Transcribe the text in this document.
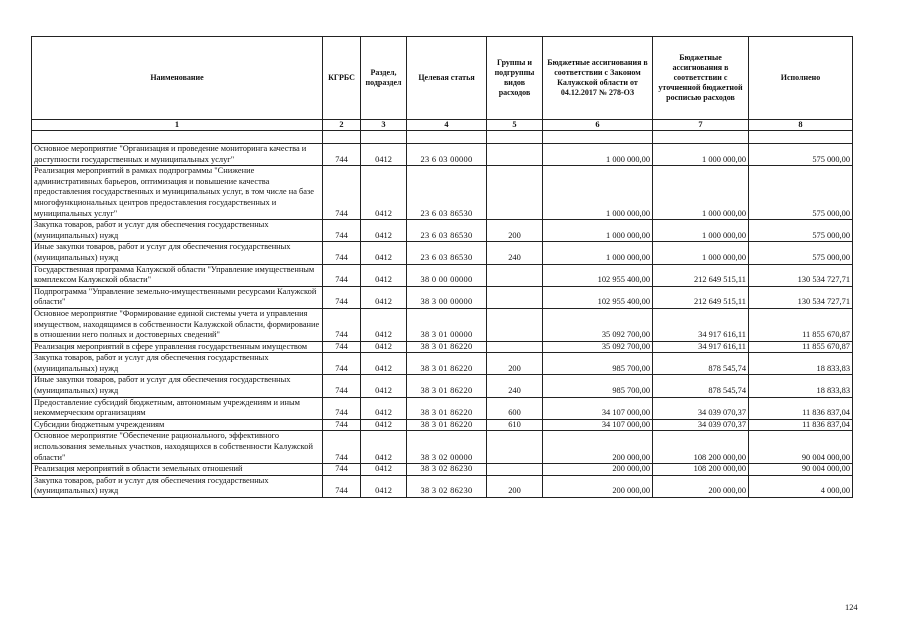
Наименование	КГРБС	Раздел, подраздел	Целевая статья	Группы и подгруппы видов расходов	Бюджетные ассигнования в соответствии с Законом Калужской области от 04.12.2017 № 278-ОЗ	Бюджетные ассигнования в соответствии с уточненной бюджетной росписью расходов	Исполнено
1	2	3	4	5	6	7	8

Основное мероприятие "Организация и проведение мониторинга качества и доступности государственных и муниципальных услуг"	744	0412	23 6 03 00000		1 000 000,00	1 000 000,00	575 000,00
Реализация мероприятий в рамках подпрограммы "Снижение административных барьеров, оптимизация и повышение качества предоставления государственных и муниципальных услуг, в том числе на базе многофункциональных центров предоставления государственных и муниципальных услуг"	744	0412	23 6 03 86530		1 000 000,00	1 000 000,00	575 000,00
Закупка товаров, работ и услуг для обеспечения государственных (муниципальных) нужд	744	0412	23 6 03 86530	200	1 000 000,00	1 000 000,00	575 000,00
Иные закупки товаров, работ и услуг для обеспечения государственных (муниципальных) нужд	744	0412	23 6 03 86530	240	1 000 000,00	1 000 000,00	575 000,00
Государственная программа Калужской области "Управление имущественным комплексом Калужской области"	744	0412	38 0 00 00000		102 955 400,00	212 649 515,11	130 534 727,71
Подпрограмма "Управление земельно-имущественными ресурсами Калужской области"	744	0412	38 3 00 00000		102 955 400,00	212 649 515,11	130 534 727,71
Основное мероприятие "Формирование единой системы учета и управления имуществом, находящимся в собственности Калужской области, формирование в отношении него полных и достоверных сведений"	744	0412	38 3 01 00000		35 092 700,00	34 917 616,11	11 855 670,87
Реализация мероприятий в сфере управления государственным имуществом	744	0412	38 3 01 86220		35 092 700,00	34 917 616,11	11 855 670,87
Закупка товаров, работ и услуг для обеспечения государственных (муниципальных) нужд	744	0412	38 3 01 86220	200	985 700,00	878 545,74	18 833,83
Иные закупки товаров, работ и услуг для обеспечения государственных (муниципальных) нужд	744	0412	38 3 01 86220	240	985 700,00	878 545,74	18 833,83
Предоставление субсидий бюджетным, автономным учреждениям и иным некоммерческим организациям	744	0412	38 3 01 86220	600	34 107 000,00	34 039 070,37	11 836 837,04
Субсидии бюджетным учреждениям	744	0412	38 3 01 86220	610	34 107 000,00	34 039 070,37	11 836 837,04
Основное мероприятие "Обеспечение рационального, эффективного использования земельных участков, находящихся в собственности Калужской области"	744	0412	38 3 02 00000		200 000,00	108 200 000,00	90 004 000,00
Реализация мероприятий в области земельных отношений	744	0412	38 3 02 86230		200 000,00	108 200 000,00	90 004 000,00
Закупка товаров, работ и услуг для обеспечения государственных (муниципальных) нужд	744	0412	38 3 02 86230	200	200 000,00	200 000,00	4 000,00
124
